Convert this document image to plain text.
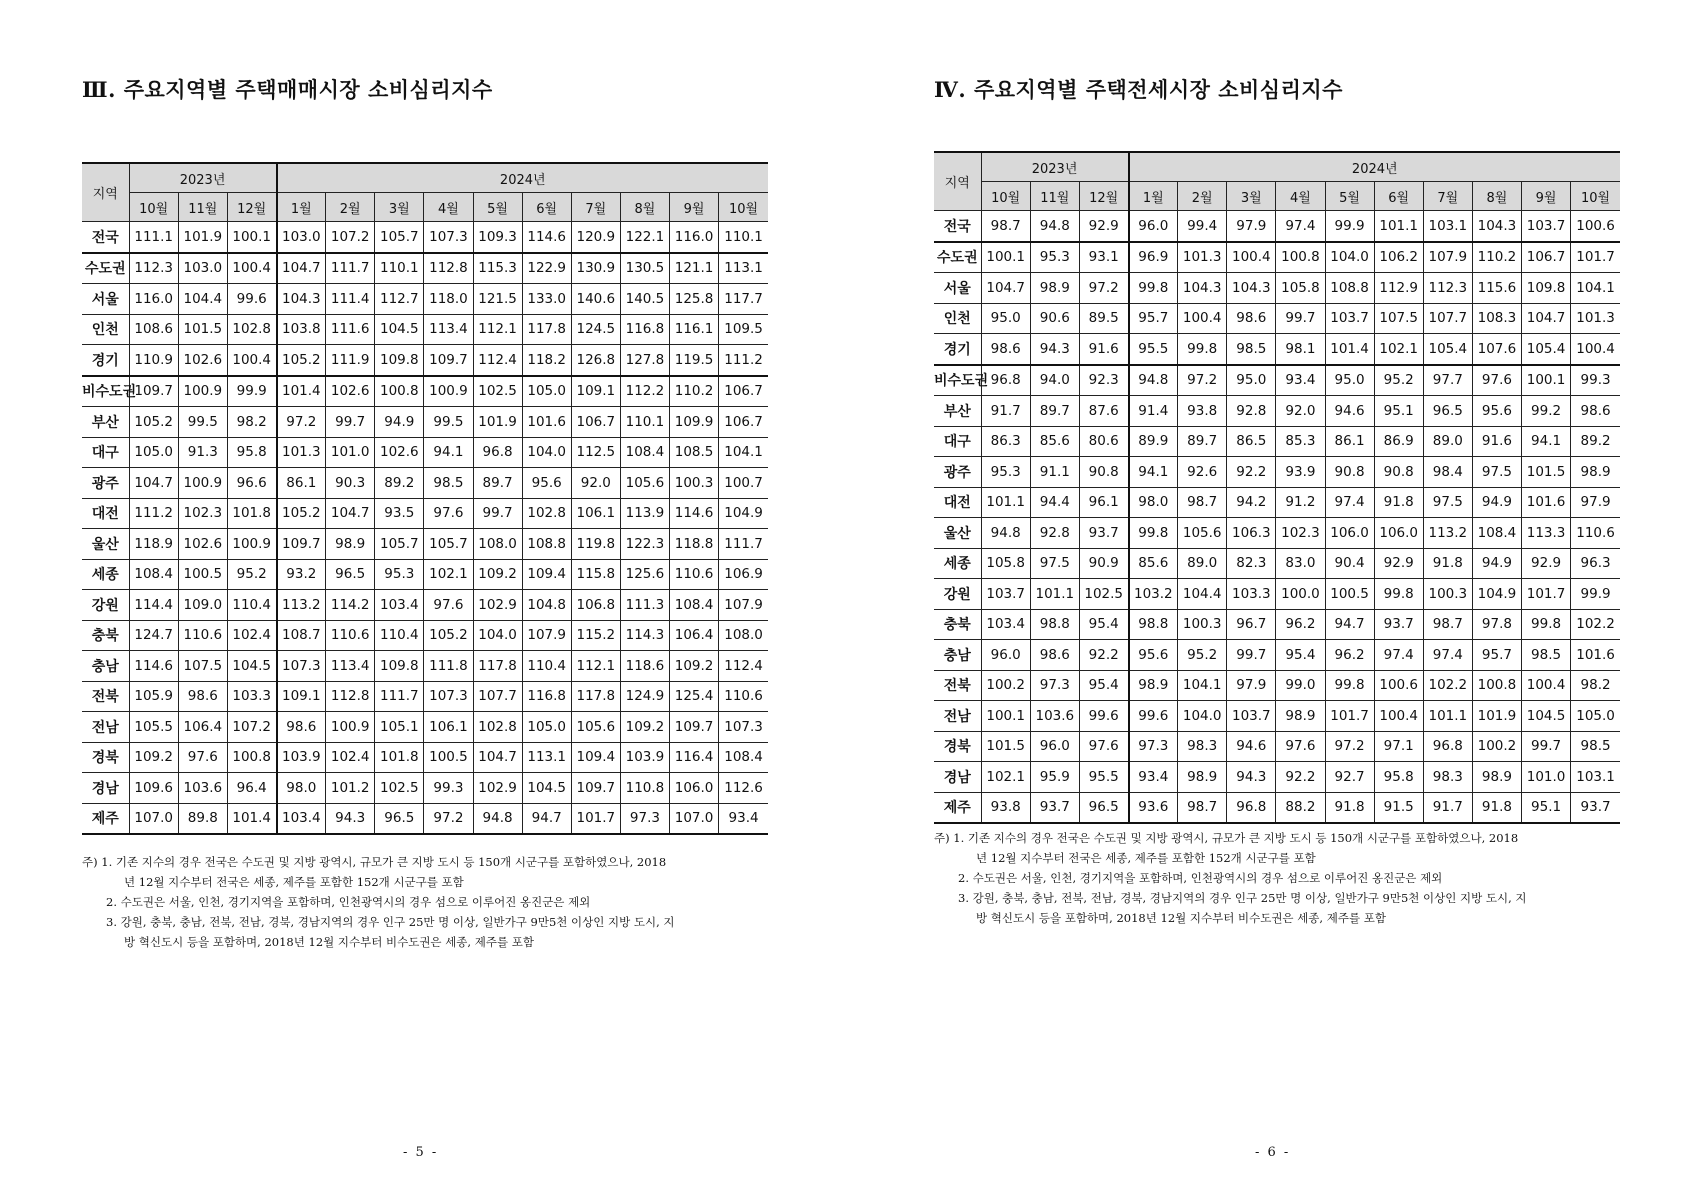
Ⅲ. 주요지역별 주택매매시장 소비심리지수
지역	2023년			2024년									
	10월	11월	12월	1월	2월	3월	4월	5월	6월	7월	8월	9월	10월
전국	111.1	101.9	100.1	103.0	107.2	105.7	107.3	109.3	114.6	120.9	122.1	116.0	110.1
수도권	112.3	103.0	100.4	104.7	111.7	110.1	112.8	115.3	122.9	130.9	130.5	121.1	113.1
서울	116.0	104.4	99.6	104.3	111.4	112.7	118.0	121.5	133.0	140.6	140.5	125.8	117.7
인천	108.6	101.5	102.8	103.8	111.6	104.5	113.4	112.1	117.8	124.5	116.8	116.1	109.5
경기	110.9	102.6	100.4	105.2	111.9	109.8	109.7	112.4	118.2	126.8	127.8	119.5	111.2
비수도권	109.7	100.9	99.9	101.4	102.6	100.8	100.9	102.5	105.0	109.1	112.2	110.2	106.7
부산	105.2	99.5	98.2	97.2	99.7	94.9	99.5	101.9	101.6	106.7	110.1	109.9	106.7
대구	105.0	91.3	95.8	101.3	101.0	102.6	94.1	96.8	104.0	112.5	108.4	108.5	104.1
광주	104.7	100.9	96.6	86.1	90.3	89.2	98.5	89.7	95.6	92.0	105.6	100.3	100.7
대전	111.2	102.3	101.8	105.2	104.7	93.5	97.6	99.7	102.8	106.1	113.9	114.6	104.9
울산	118.9	102.6	100.9	109.7	98.9	105.7	105.7	108.0	108.8	119.8	122.3	118.8	111.7
세종	108.4	100.5	95.2	93.2	96.5	95.3	102.1	109.2	109.4	115.8	125.6	110.6	106.9
강원	114.4	109.0	110.4	113.2	114.2	103.4	97.6	102.9	104.8	106.8	111.3	108.4	107.9
충북	124.7	110.6	102.4	108.7	110.6	110.4	105.2	104.0	107.9	115.2	114.3	106.4	108.0
충남	114.6	107.5	104.5	107.3	113.4	109.8	111.8	117.8	110.4	112.1	118.6	109.2	112.4
전북	105.9	98.6	103.3	109.1	112.8	111.7	107.3	107.7	116.8	117.8	124.9	125.4	110.6
전남	105.5	106.4	107.2	98.6	100.9	105.1	106.1	102.8	105.0	105.6	109.2	109.7	107.3
경북	109.2	97.6	100.8	103.9	102.4	101.8	100.5	104.7	113.1	109.4	103.9	116.4	108.4
경남	109.6	103.6	96.4	98.0	101.2	102.5	99.3	102.9	104.5	109.7	110.8	106.0	112.6
제주	107.0	89.8	101.4	103.4	94.3	96.5	97.2	94.8	94.7	101.7	97.3	107.0	93.4
주) 1. 기존 지수의 경우 전국은 수도권 및 지방 광역시, 규모가 큰 지방 도시 등 150개 시군구를 포함하였으나, 2018
년 12월 지수부터 전국은 세종, 제주를 포함한 152개 시군구를 포함
2. 수도권은 서울, 인천, 경기지역을 포함하며, 인천광역시의 경우 섬으로 이루어진 옹진군은 제외
3. 강원, 충북, 충남, 전북, 전남, 경북, 경남지역의 경우 인구 25만 명 이상, 일반가구 9만5천 이상인 지방 도시, 지
방 혁신도시 등을 포함하며, 2018년 12월 지수부터 비수도권은 세종, 제주를 포함
- 5 -
Ⅳ. 주요지역별 주택전세시장 소비심리지수
지역	2023년			2024년									
	10월	11월	12월	1월	2월	3월	4월	5월	6월	7월	8월	9월	10월
전국	98.7	94.8	92.9	96.0	99.4	97.9	97.4	99.9	101.1	103.1	104.3	103.7	100.6
수도권	100.1	95.3	93.1	96.9	101.3	100.4	100.8	104.0	106.2	107.9	110.2	106.7	101.7
서울	104.7	98.9	97.2	99.8	104.3	104.3	105.8	108.8	112.9	112.3	115.6	109.8	104.1
인천	95.0	90.6	89.5	95.7	100.4	98.6	99.7	103.7	107.5	107.7	108.3	104.7	101.3
경기	98.6	94.3	91.6	95.5	99.8	98.5	98.1	101.4	102.1	105.4	107.6	105.4	100.4
비수도권	96.8	94.0	92.3	94.8	97.2	95.0	93.4	95.0	95.2	97.7	97.6	100.1	99.3
부산	91.7	89.7	87.6	91.4	93.8	92.8	92.0	94.6	95.1	96.5	95.6	99.2	98.6
대구	86.3	85.6	80.6	89.9	89.7	86.5	85.3	86.1	86.9	89.0	91.6	94.1	89.2
광주	95.3	91.1	90.8	94.1	92.6	92.2	93.9	90.8	90.8	98.4	97.5	101.5	98.9
대전	101.1	94.4	96.1	98.0	98.7	94.2	91.2	97.4	91.8	97.5	94.9	101.6	97.9
울산	94.8	92.8	93.7	99.8	105.6	106.3	102.3	106.0	106.0	113.2	108.4	113.3	110.6
세종	105.8	97.5	90.9	85.6	89.0	82.3	83.0	90.4	92.9	91.8	94.9	92.9	96.3
강원	103.7	101.1	102.5	103.2	104.4	103.3	100.0	100.5	99.8	100.3	104.9	101.7	99.9
충북	103.4	98.8	95.4	98.8	100.3	96.7	96.2	94.7	93.7	98.7	97.8	99.8	102.2
충남	96.0	98.6	92.2	95.6	95.2	99.7	95.4	96.2	97.4	97.4	95.7	98.5	101.6
전북	100.2	97.3	95.4	98.9	104.1	97.9	99.0	99.8	100.6	102.2	100.8	100.4	98.2
전남	100.1	103.6	99.6	99.6	104.0	103.7	98.9	101.7	100.4	101.1	101.9	104.5	105.0
경북	101.5	96.0	97.6	97.3	98.3	94.6	97.6	97.2	97.1	96.8	100.2	99.7	98.5
경남	102.1	95.9	95.5	93.4	98.9	94.3	92.2	92.7	95.8	98.3	98.9	101.0	103.1
제주	93.8	93.7	96.5	93.6	98.7	96.8	88.2	91.8	91.5	91.7	91.8	95.1	93.7
주) 1. 기존 지수의 경우 전국은 수도권 및 지방 광역시, 규모가 큰 지방 도시 등 150개 시군구를 포함하였으나, 2018
년 12월 지수부터 전국은 세종, 제주를 포함한 152개 시군구를 포함
2. 수도권은 서울, 인천, 경기지역을 포함하며, 인천광역시의 경우 섬으로 이루어진 옹진군은 제외
3. 강원, 충북, 충남, 전북, 전남, 경북, 경남지역의 경우 인구 25만 명 이상, 일반가구 9만5천 이상인 지방 도시, 지
방 혁신도시 등을 포함하며, 2018년 12월 지수부터 비수도권은 세종, 제주를 포함
- 6 -
